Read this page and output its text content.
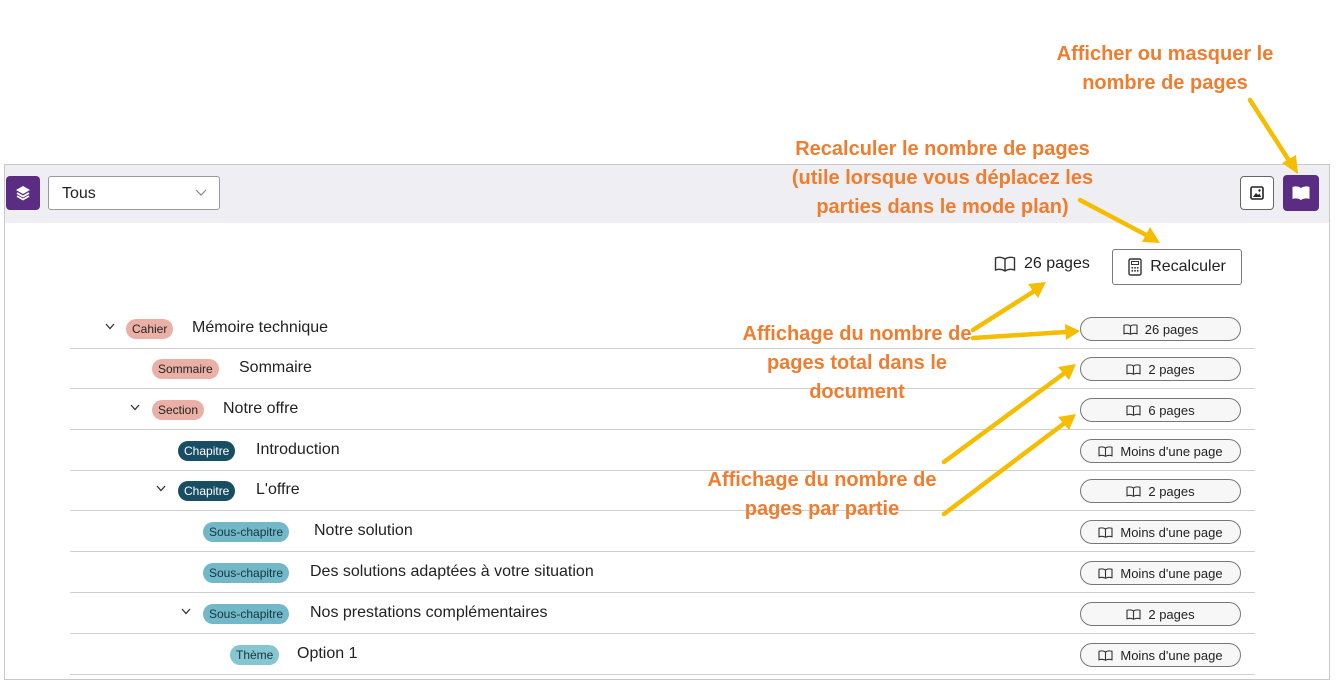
Tous
26 pages	Recalculer
Cahier	Mémoire technique	26 pages
Sommaire	Sommaire	2 pages
Section	Notre offre	6 pages
Chapitre	Introduction	Moins d'une page
Chapitre	L'offre	2 pages
Sous-chapitre	Notre solution	Moins d'une page
Sous-chapitre	Des solutions adaptées à votre situation	Moins d'une page
Sous-chapitre	Nos prestations complémentaires	2 pages
Thème	Option 1	Moins d'une page
Afficher ou masquer le
nombre de pages
Recalculer le nombre de pages
(utile lorsque vous déplacez les
parties dans le mode plan)
Affichage du nombre de
pages total dans le
document
Affichage du nombre de
pages par partie
